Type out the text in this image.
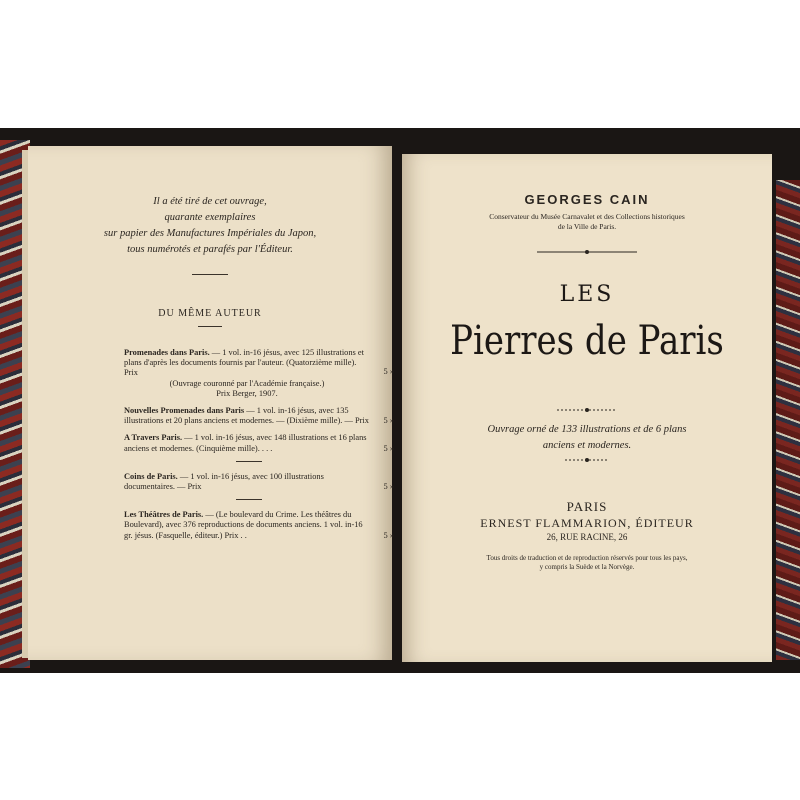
Il a été tiré de cet ouvrage,
quarante exemplaires
sur papier des Manufactures Impériales du Japon,
tous numérotés et parafés par l'Éditeur.
DU MÊME AUTEUR
Promenades dans Paris. — 1 vol. in-16 jésus, avec 125 illustrations et plans d'après les documents fournis par l'auteur. (Quatorzième mille). Prix
(Ouvrage couronné par l'Académie française.)
Prix Berger, 1907.
5 »
Nouvelles Promenades dans Paris — 1 vol. in-16 jésus, avec 135 illustrations et 20 plans anciens et modernes. — (Dixième mille). — Prix 5 »
A Travers Paris. — 1 vol. in-16 jésus, avec 148 illustrations et 16 plans anciens et modernes. (Cinquième mille). . . .	5 »
Coins de Paris. — 1 vol. in-16 jésus, avec 100 illustrations documentaires. — Prix	5 »
Les Théâtres de Paris. — (Le boulevard du Crime. Les théâtres du Boulevard), avec 376 reproductions de documents anciens. 1 vol. in-16 gr. jésus. (Fasquelle, éditeur.) Prix . .	5 »
GEORGES CAIN
Conservateur du Musée Carnavalet et des Collections historiques
de la Ville de Paris.
LES
Pierres de Paris
Ouvrage orné de 133 illustrations et de 6 plans
anciens et modernes.
PARIS
ERNEST FLAMMARION, ÉDITEUR
26, RUE RACINE, 26
Tous droits de traduction et de reproduction réservés pour tous les pays,
y compris la Suède et la Norvège.
